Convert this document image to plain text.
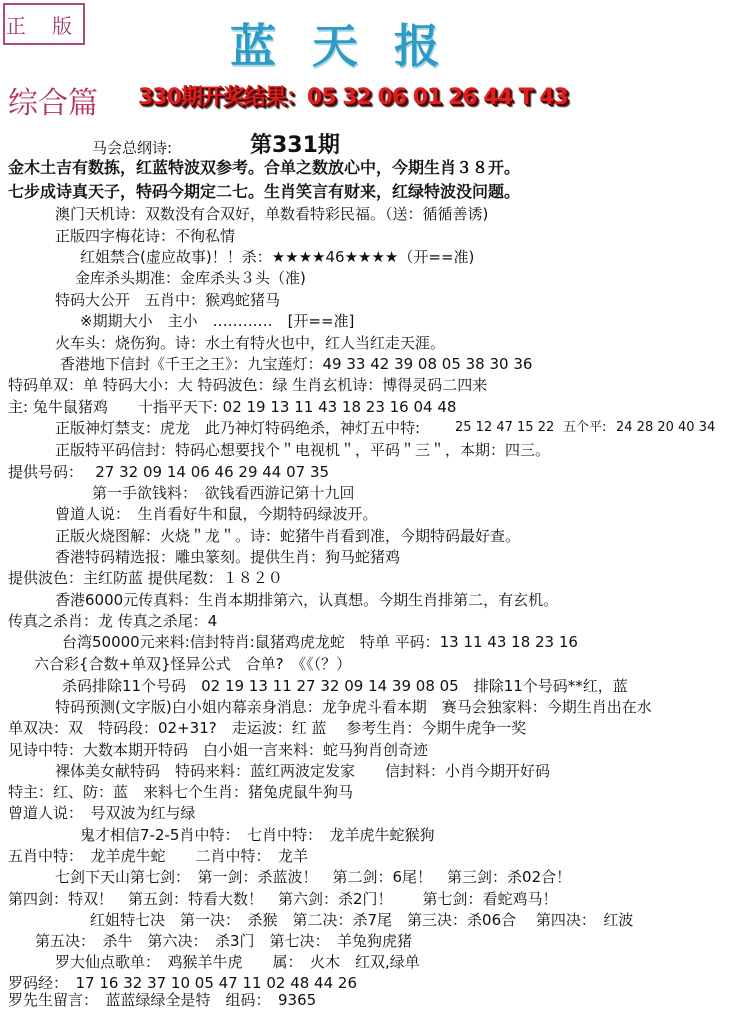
正 版	蓝天报
综合篇 330期开奖结果：05 32 06 01 26 44 T 43
第331期
马会总纲诗:
金木土吉有数拣，红蓝特波双参考。合单之数放心中，今期生肖３８开。
七步成诗真天子，特码今期定二七。生肖笑言有财来，红绿特波没问题。
澳门天机诗：双数没有合双好，单数看特彩民福。（送：循循善诱)
正版四字梅花诗：不徇私情
红姐禁合(虚应故事)！！杀：★★★★46★★★★（开==准)
金库杀头期准：金库杀头３头（准)
特码大公开　五肖中：猴鸡蛇猪马
※期期大小　主小　…………　[开==准]
火车头：烧伤狗。诗：水土有特火也中，红人当红走天涯。
香港地下信封《千王之王》：九宝莲灯：49 33 42 39 08 05 38 30 36
特码单双：单 特码大小：大 特码波色：绿 生肖玄机诗：博得灵码二四来
主: 兔牛鼠猪鸡　　十指平天下: 02 19 13 11 43 18 23 16 04 48
正版神灯禁支：虎龙　此乃神灯特码绝杀，神灯五中特:	25 12 47 15 22 五个平: 24 28 20 40 34
正版特平码信封：特码心想要找个＂电视机＂，平码＂三＂，本期：四三。
提供号码：　 27 32 09 14 06 46 29 44 07 35
第一手欲钱料：　欲钱看西游记第十九回
曾道人说：　生肖看好牛和鼠，今期特码绿波开。
正版火烧图解：火烧＂龙＂。诗：蛇猪牛肖看到准，今期特码最好查。
香港特码精选报：雕虫篆刻。提供生肖：狗马蛇猪鸡
提供波色：主红防蓝 提供尾数：１８２０
香港6000元传真料：生肖本期排第六，认真想。今期生肖排第二，有玄机。
传真之杀肖：龙 传真之杀尾：4
台湾50000元来料:信封特肖:鼠猪鸡虎龙蛇　特单 平码：13 11 43 18 23 16
六合彩{合数+单双}怪异公式　合单?　《《（？）
杀码排除11个号码　02 19 13 11 27 32 09 14 39 08 05　排除11个号码**红，蓝
特码预测(文字版)白小姐内幕亲身消息：龙争虎斗看本期　赛马会独家料：今期生肖出在水
单双决：双　特码段：02+31?　走运波：红 蓝　 参考生肖：今期牛虎争一奖
见诗中特：大数本期开特码　白小姐一言来料：蛇马狗肖创奇迹
裸体美女献特码　特码来料：蓝红两波定发家　　信封料：小肖今期开好码
特主：红、防：蓝　来料七个生肖：猪兔虎鼠牛狗马
曾道人说：　号双波为红与绿
鬼才相信7-2-5肖中特：　七肖中特：　龙羊虎牛蛇猴狗
五肖中特：　龙羊虎牛蛇　　二肖中特：　龙羊
七剑下天山第七剑：　第一剑：杀蓝波！　第二剑：6尾！　第三剑：杀02合！
第四剑：特双！　第五剑：特看大数！　第六剑：杀2门！　　第七剑：看蛇鸡马！
红姐特七决　第一决：　杀猴　第二决：杀7尾　第三决：杀06合　 第四决：　红波
第五决：　杀牛　第六决：　杀3门　第七决：　羊兔狗虎猪
罗大仙点歌单：　鸡猴羊牛虎　　属：　火木　红双,绿单
罗码经：　17 16 32 37 10 05 47 11 02 48 44 26
罗先生留言：　蓝蓝绿绿全是特　组码：　9365
